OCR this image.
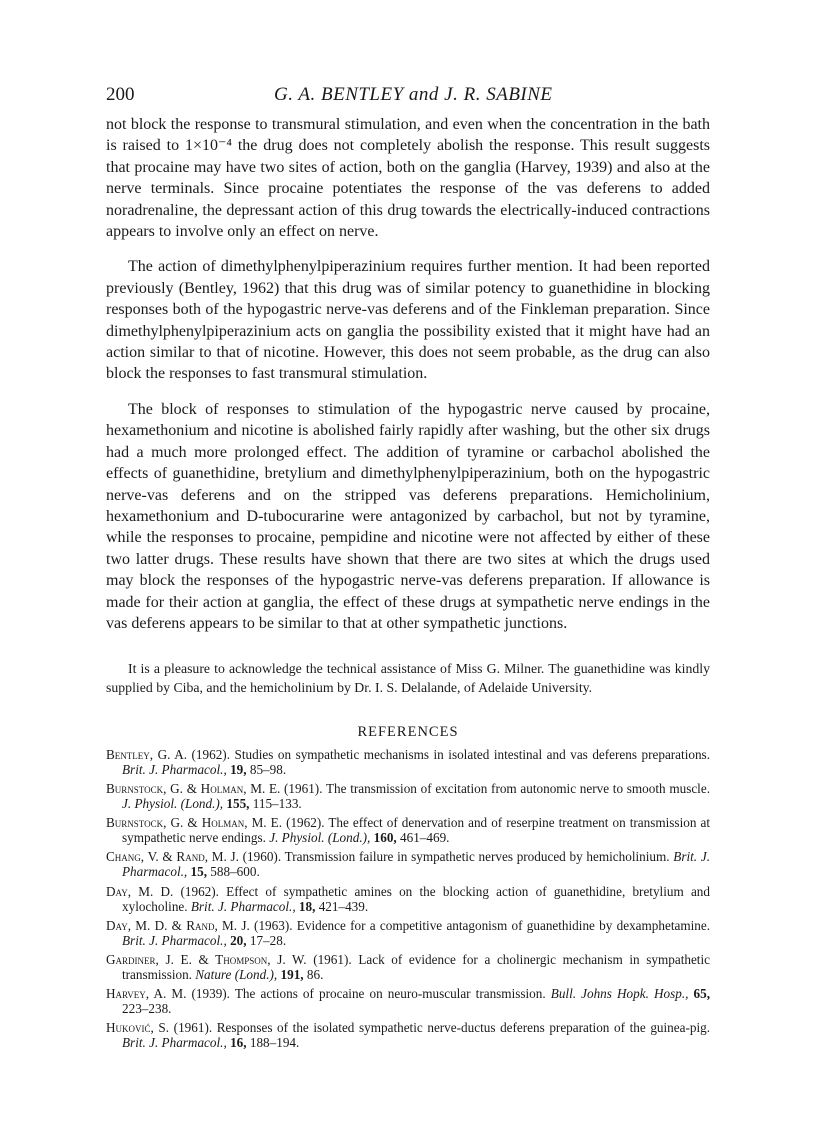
200	G. A. BENTLEY and J. R. SABINE

not block the response to transmural stimulation, and even when the concentration in the bath is raised to 1×10⁻⁴ the drug does not completely abolish the response. This result suggests that procaine may have two sites of action, both on the ganglia (Harvey, 1939) and also at the nerve terminals. Since procaine potentiates the response of the vas deferens to added noradrenaline, the depressant action of this drug towards the electrically-induced contractions appears to involve only an effect on nerve.

The action of dimethylphenylpiperazinium requires further mention. It had been reported previously (Bentley, 1962) that this drug was of similar potency to guanethidine in blocking responses both of the hypogastric nerve-vas deferens and of the Finkleman preparation. Since dimethylphenylpiperazinium acts on ganglia the possibility existed that it might have had an action similar to that of nicotine. However, this does not seem probable, as the drug can also block the responses to fast transmural stimulation.

The block of responses to stimulation of the hypogastric nerve caused by procaine, hexamethonium and nicotine is abolished fairly rapidly after washing, but the other six drugs had a much more prolonged effect. The addition of tyramine or carbachol abolished the effects of guanethidine, bretylium and dimethylphenylpiperazinium, both on the hypogastric nerve-vas deferens and on the stripped vas deferens preparations. Hemicholinium, hexamethonium and D-tubocurarine were antagonized by carbachol, but not by tyramine, while the responses to procaine, pempidine and nicotine were not affected by either of these two latter drugs. These results have shown that there are two sites at which the drugs used may block the responses of the hypogastric nerve-vas deferens preparation. If allowance is made for their action at ganglia, the effect of these drugs at sympathetic nerve endings in the vas deferens appears to be similar to that at other sympathetic junctions.

It is a pleasure to acknowledge the technical assistance of Miss G. Milner. The guanethidine was kindly supplied by Ciba, and the hemicholinium by Dr. I. S. Delalande, of Adelaide University.

REFERENCES

Bentley, G. A. (1962). Studies on sympathetic mechanisms in isolated intestinal and vas deferens preparations. Brit. J. Pharmacol., 19, 85–98.

Burnstock, G. & Holman, M. E. (1961). The transmission of excitation from autonomic nerve to smooth muscle. J. Physiol. (Lond.), 155, 115–133.

Burnstock, G. & Holman, M. E. (1962). The effect of denervation and of reserpine treatment on transmission at sympathetic nerve endings. J. Physiol. (Lond.), 160, 461–469.

Chang, V. & Rand, M. J. (1960). Transmission failure in sympathetic nerves produced by hemicholinium. Brit. J. Pharmacol., 15, 588–600.

Day, M. D. (1962). Effect of sympathetic amines on the blocking action of guanethidine, bretylium and xylocholine. Brit. J. Pharmacol., 18, 421–439.

Day, M. D. & Rand, M. J. (1963). Evidence for a competitive antagonism of guanethidine by dexamphetamine. Brit. J. Pharmacol., 20, 17–28.

Gardiner, J. E. & Thompson, J. W. (1961). Lack of evidence for a cholinergic mechanism in sympathetic transmission. Nature (Lond.), 191, 86.

Harvey, A. M. (1939). The actions of procaine on neuro-muscular transmission. Bull. Johns Hopk. Hosp., 65, 223–238.

Huković, S. (1961). Responses of the isolated sympathetic nerve-ductus deferens preparation of the guinea-pig. Brit. J. Pharmacol., 16, 188–194.
